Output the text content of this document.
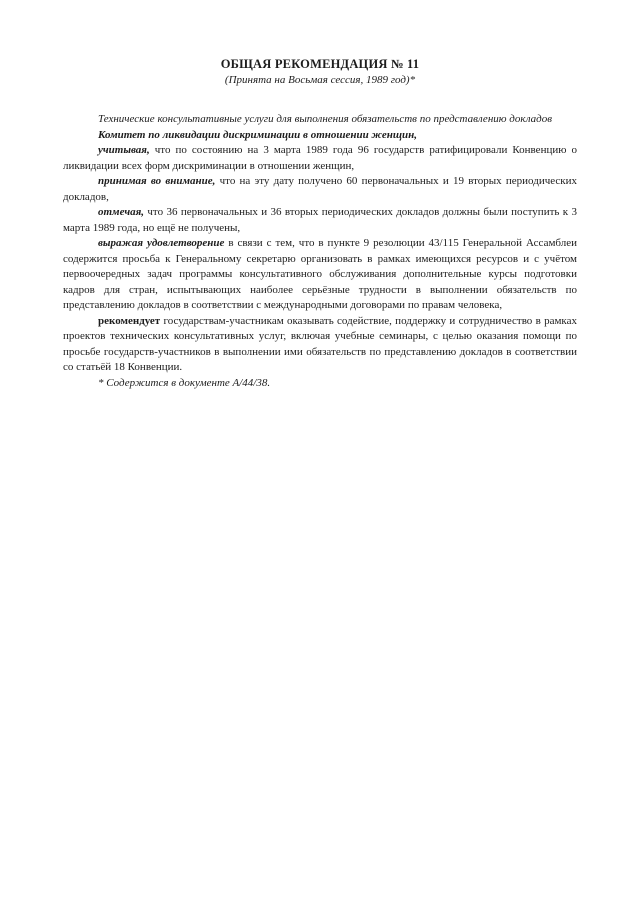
ОБЩАЯ РЕКОМЕНДАЦИЯ № 11
(Принята на Восьмая сессия, 1989 год)*

Технические консультативные услуги для выполнения обязательств по представлению докладов

Комитет по ликвидации дискриминации в отношении женщин,

учитывая, что по состоянию на 3 марта 1989 года 96 государств ратифицировали Конвенцию о ликвидации всех форм дискриминации в отношении женщин,

принимая во внимание, что на эту дату получено 60 первоначальных и 19 вторых периодических докладов,

отмечая, что 36 первоначальных и 36 вторых периодических докладов должны были поступить к 3 марта 1989 года, но ещё не получены,

выражая удовлетворение в связи с тем, что в пункте 9 резолюции 43/115 Генеральной Ассамблеи содержится просьба к Генеральному секретарю организовать в рамках имеющихся ресурсов и с учётом первоочередных задач программы консультативного обслуживания дополнительные курсы подготовки кадров для стран, испытывающих наиболее серьёзные трудности в выполнении обязательств по представлению докладов в соответствии с международными договорами по правам человека,

рекомендует государствам-участникам оказывать содействие, поддержку и сотрудничество в рамках проектов технических консультативных услуг, включая учебные семинары, с целью оказания помощи по просьбе государств-участников в выполнении ими обязательств по представлению докладов в соответствии со статьёй 18 Конвенции.

* Содержится в документе А/44/38.
